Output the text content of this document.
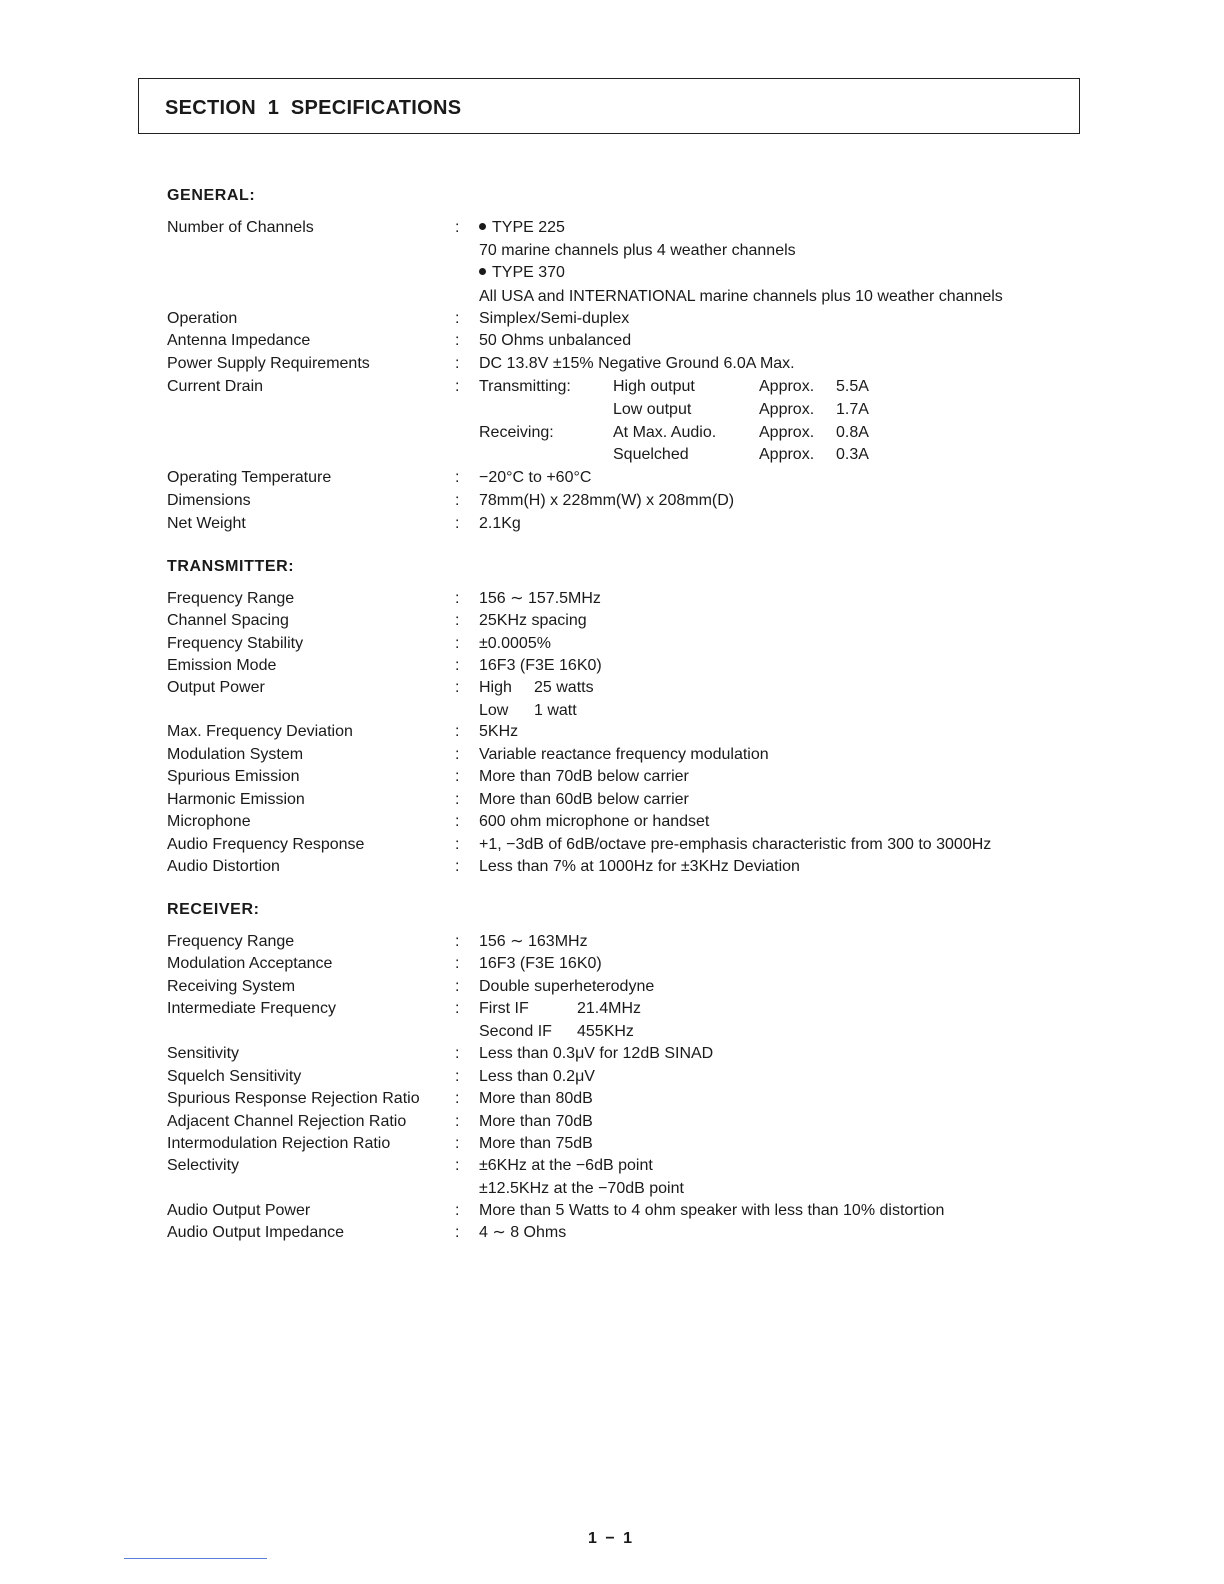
SECTION  1  SPECIFICATIONS
GENERAL:
Number of Channels	:	TYPE 225
70 marine channels plus 4 weather channels
TYPE 370
All USA and INTERNATIONAL marine channels plus 10 weather channels
Operation	: Simplex/Semi-duplex
Antenna Impedance	: 50 Ohms unbalanced
Power Supply Requirements	: DC 13.8V ±15% Negative Ground 6.0A Max.
Current Drain	: Transmitting:	High output	Approx. 5.5A
Low output	Approx. 1.7A
Receiving:	At Max. Audio.	Approx. 0.8A
Squelched	Approx. 0.3A
Operating Temperature	: −20°C to +60°C
Dimensions	: 78mm(H) x 228mm(W) x 208mm(D)
Net Weight	: 2.1Kg
TRANSMITTER:
Frequency Range	: 156 ∼ 157.5MHz
Channel Spacing	: 25KHz spacing
Frequency Stability	: ±0.0005%
Emission Mode	: 16F3 (F3E 16K0)
Output Power	: High 25 watts
Low 1 watt
Max. Frequency Deviation	: 5KHz
Modulation System	: Variable reactance frequency modulation
Spurious Emission	: More than 70dB below carrier
Harmonic Emission	: More than 60dB below carrier
Microphone	: 600 ohm microphone or handset
Audio Frequency Response	: +1, −3dB of 6dB/octave pre-emphasis characteristic from 300 to 3000Hz
Audio Distortion	: Less than 7% at 1000Hz for ±3KHz Deviation
RECEIVER:
Frequency Range	: 156 ∼ 163MHz
Modulation Acceptance	: 16F3 (F3E 16K0)
Receiving System	: Double superheterodyne
Intermediate Frequency	: First IF	21.4MHz
Second IF 455KHz
Sensitivity	: Less than 0.3μV for 12dB SINAD
Squelch Sensitivity	: Less than 0.2μV
Spurious Response Rejection Ratio : More than 80dB
Adjacent Channel Rejection Ratio	: More than 70dB
Intermodulation Rejection Ratio	: More than 75dB
Selectivity	: ±6KHz at the −6dB point
±12.5KHz at the −70dB point
Audio Output Power	: More than 5 Watts to 4 ohm speaker with less than 10% distortion
Audio Output Impedance	: 4 ∼ 8 Ohms
1 − 1
